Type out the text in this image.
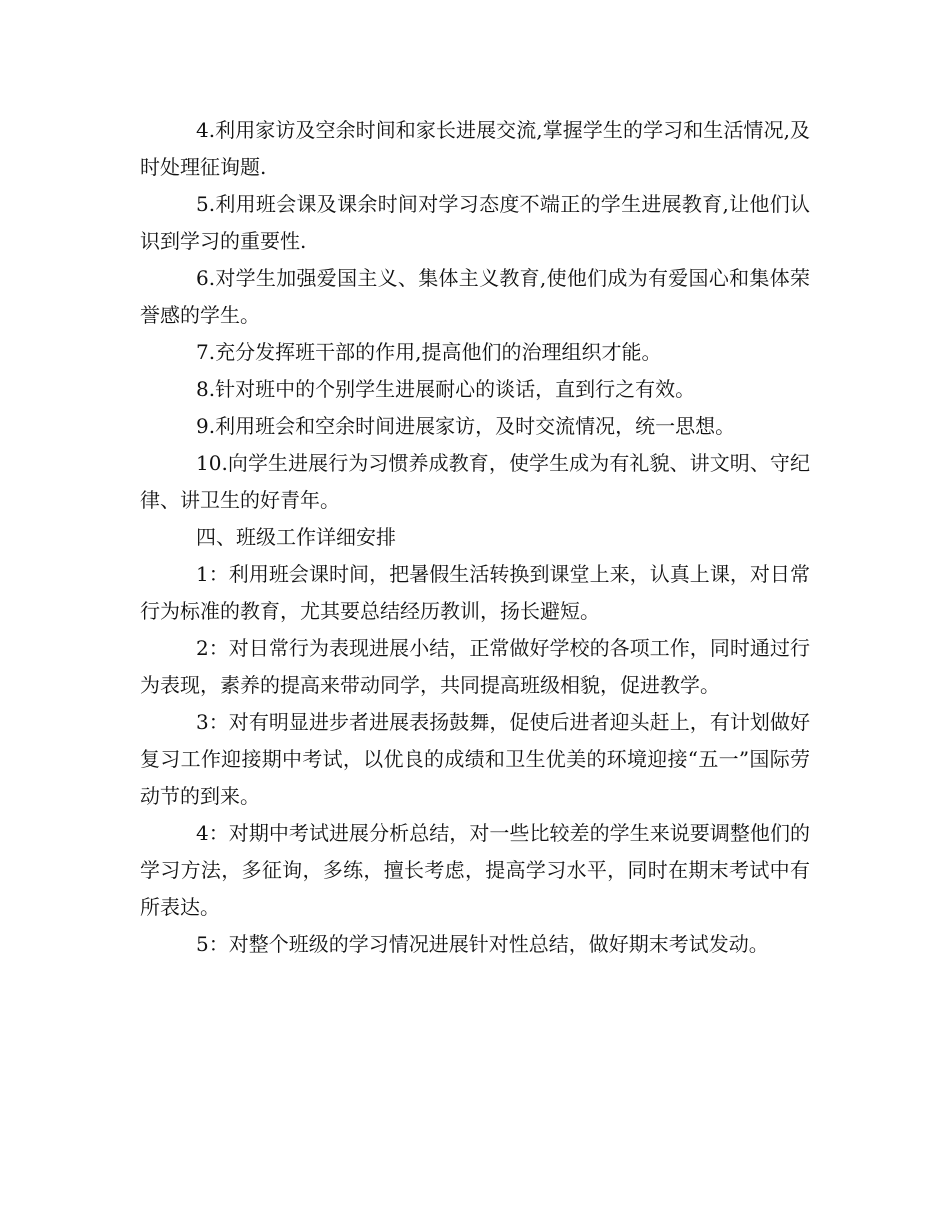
4.利用家访及空余时间和家长进展交流,掌握学生的学习和生活情况,及时处理征询题.

5.利用班会课及课余时间对学习态度不端正的学生进展教育,让他们认识到学习的重要性.

6.对学生加强爱国主义、集体主义教育,使他们成为有爱国心和集体荣誉感的学生。

7.充分发挥班干部的作用,提高他们的治理组织才能。

8.针对班中的个别学生进展耐心的谈话，直到行之有效。

9.利用班会和空余时间进展家访，及时交流情况，统一思想。

10.向学生进展行为习惯养成教育，使学生成为有礼貌、讲文明、守纪律、讲卫生的好青年。

四、班级工作详细安排

1：利用班会课时间，把暑假生活转换到课堂上来，认真上课，对日常行为标准的教育，尤其要总结经历教训，扬长避短。

2：对日常行为表现进展小结，正常做好学校的各项工作，同时通过行为表现，素养的提高来带动同学，共同提高班级相貌，促进教学。

3：对有明显进步者进展表扬鼓舞，促使后进者迎头赶上，有计划做好复习工作迎接期中考试，以优良的成绩和卫生优美的环境迎接“五一”国际劳动节的到来。

4：对期中考试进展分析总结，对一些比较差的学生来说要调整他们的学习方法，多征询，多练，擅长考虑，提高学习水平，同时在期末考试中有所表达。

5：对整个班级的学习情况进展针对性总结，做好期末考试发动。
